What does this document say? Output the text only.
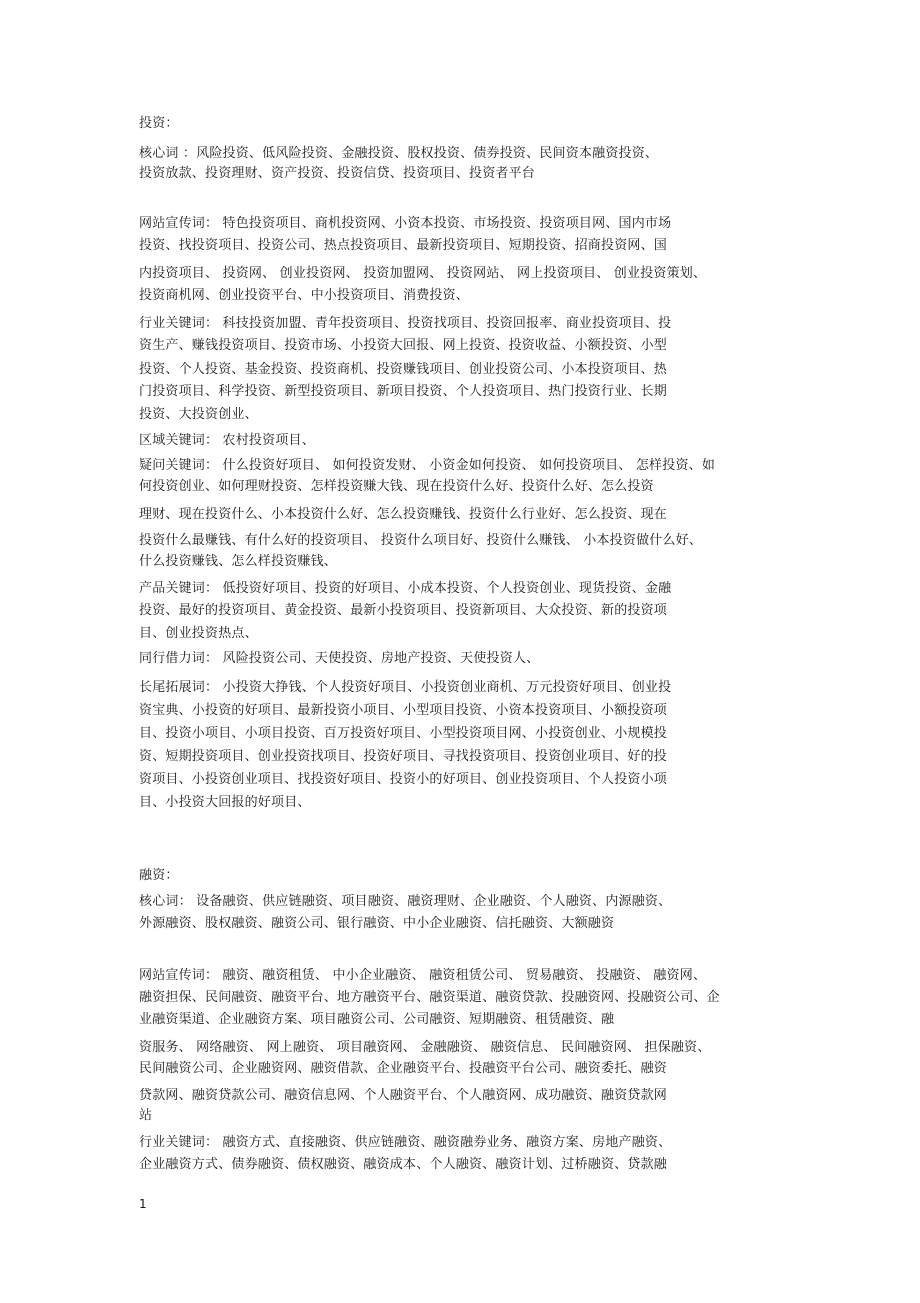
投资：
核心词 ：风险投资、低风险投资、金融投资、股权投资、债券投资、民间资本融资投资、
投资放款、投资理财、资产投资、投资信贷、投资项目、投资者平台
网站宣传词： 特色投资项目、商机投资网、小资本投资、市场投资、投资项目网、国内市场
投资、找投资项目、投资公司、热点投资项目、最新投资项目、短期投资、招商投资网、国
内投资项目、 投资网、 创业投资网、 投资加盟网、 投资网站、 网上投资项目、 创业投资策划、
投资商机网、创业投资平台、中小投资项目、消费投资、
行业关键词： 科技投资加盟、青年投资项目、投资找项目、投资回报率、商业投资项目、投
资生产、赚钱投资项目、投资市场、小投资大回报、网上投资、投资收益、小额投资、小型
投资、个人投资、基金投资、投资商机、投资赚钱项目、创业投资公司、小本投资项目、热
门投资项目、科学投资、新型投资项目、新项目投资、个人投资项目、热门投资行业、长期
投资、大投资创业、
区域关键词： 农村投资项目、
疑问关键词： 什么投资好项目、 如何投资发财、 小资金如何投资、 如何投资项目、 怎样投资、如
何投资创业、如何理财投资、怎样投资赚大钱、现在投资什么好、投资什么好、怎么投资
理财、现在投资什么、小本投资什么好、怎么投资赚钱、投资什么行业好、怎么投资、现在
投资什么最赚钱、有什么好的投资项目、 投资什么项目好、投资什么赚钱、 小本投资做什么好、
什么投资赚钱、怎么样投资赚钱、
产品关键词： 低投资好项目、投资的好项目、小成本投资、个人投资创业、现货投资、金融
投资、最好的投资项目、黄金投资、最新小投资项目、投资新项目、大众投资、新的投资项
目、创业投资热点、
同行借力词： 风险投资公司、天使投资、房地产投资、天使投资人、
长尾拓展词： 小投资大挣钱、个人投资好项目、小投资创业商机、万元投资好项目、创业投
资宝典、小投资的好项目、最新投资小项目、小型项目投资、小资本投资项目、小额投资项
目、投资小项目、小项目投资、百万投资好项目、小型投资项目网、小投资创业、小规模投
资、短期投资项目、创业投资找项目、投资好项目、寻找投资项目、投资创业项目、好的投
资项目、小投资创业项目、找投资好项目、投资小的好项目、创业投资项目、个人投资小项
目、小投资大回报的好项目、
融资：
核心词： 设备融资、供应链融资、项目融资、融资理财、企业融资、个人融资、内源融资、
外源融资、股权融资、融资公司、银行融资、中小企业融资、信托融资、大额融资
网站宣传词： 融资、融资租赁、 中小企业融资、 融资租赁公司、 贸易融资、 投融资、 融资网、
融资担保、民间融资、融资平台、地方融资平台、融资渠道、融资贷款、投融资网、投融资公司、企
业融资渠道、企业融资方案、项目融资公司、公司融资、短期融资、租赁融资、融
资服务、 网络融资、 网上融资、 项目融资网、 金融融资、 融资信息、 民间融资网、 担保融资、
民间融资公司、企业融资网、融资借款、企业融资平台、投融资平台公司、融资委托、融资
贷款网、融资贷款公司、融资信息网、个人融资平台、个人融资网、成功融资、融资贷款网
站
行业关键词： 融资方式、直接融资、供应链融资、融资融券业务、融资方案、房地产融资、
企业融资方式、债券融资、债权融资、融资成本、个人融资、融资计划、过桥融资、贷款融
1
